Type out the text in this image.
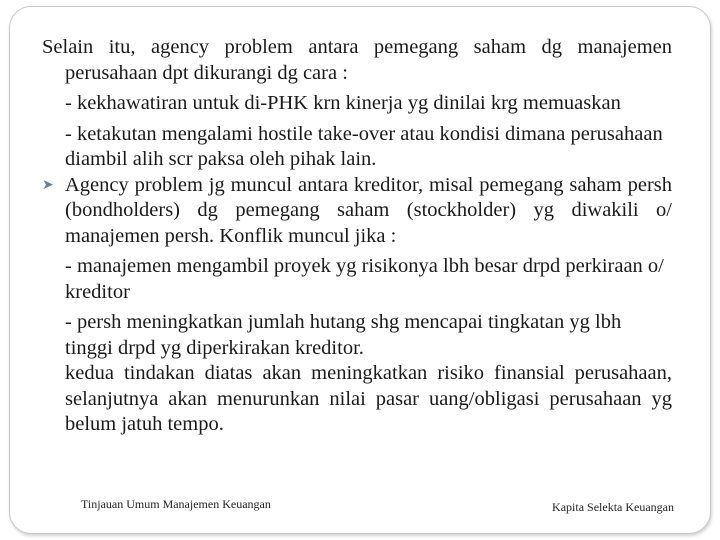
Selain itu, agency problem antara pemegang saham dg manajemen perusahaan dpt dikurangi dg cara :

- kekhawatiran untuk di-PHK krn kinerja yg dinilai krg memuaskan

- ketakutan mengalami hostile take-over atau kondisi dimana perusahaan diambil alih scr paksa oleh pihak lain.

➤ Agency problem jg muncul antara kreditor, misal pemegang saham persh (bondholders) dg pemegang saham (stockholder) yg diwakili o/ manajemen persh. Konflik muncul jika :

- manajemen mengambil proyek yg risikonya lbh besar drpd perkiraan o/ kreditor

- persh meningkatkan jumlah hutang shg mencapai tingkatan yg lbh tinggi drpd yg diperkirakan kreditor.

kedua tindakan diatas akan meningkatkan risiko finansial perusahaan, selanjutnya akan menurunkan nilai pasar uang/obligasi perusahaan yg belum jatuh tempo.

Tinjauan Umum Manajemen Keuangan	Kapita Selekta Keuangan
